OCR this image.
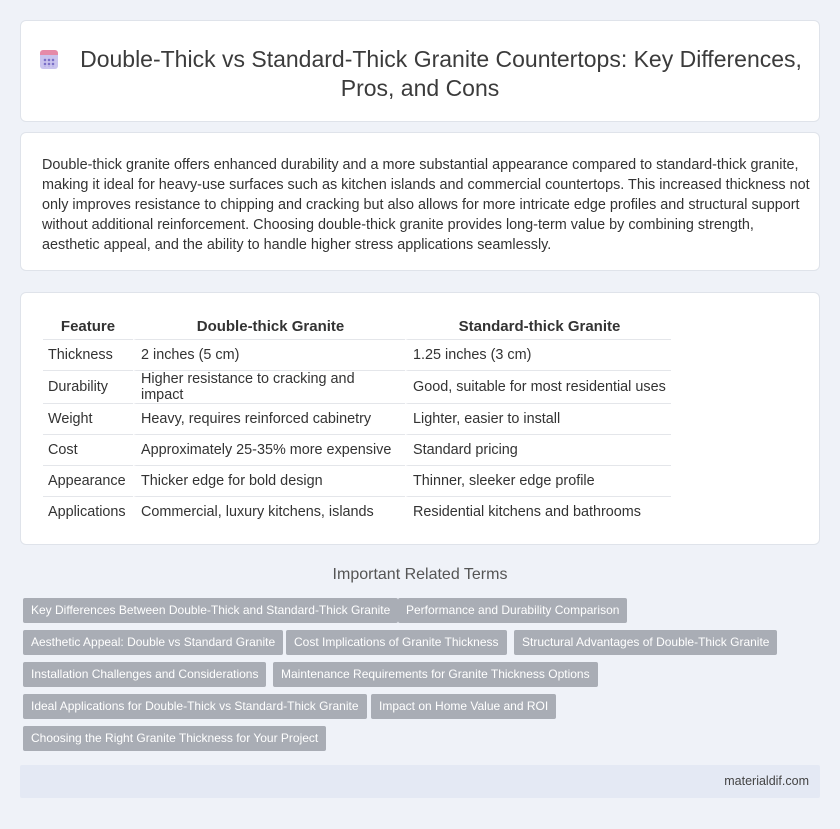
Double-Thick vs Standard-Thick Granite Countertops: Key Differences, Pros, and Cons

Double-thick granite offers enhanced durability and a more substantial appearance compared to standard-thick granite, making it ideal for heavy-use surfaces such as kitchen islands and commercial countertops. This increased thickness not only improves resistance to chipping and cracking but also allows for more intricate edge profiles and structural support without additional reinforcement. Choosing double-thick granite provides long-term value by combining strength, aesthetic appeal, and the ability to handle higher stress applications seamlessly.

Feature	Double-thick Granite	Standard-thick Granite
Thickness	2 inches (5 cm)	1.25 inches (3 cm)
Durability	Higher resistance to cracking and impact	Good, suitable for most residential uses
Weight	Heavy, requires reinforced cabinetry	Lighter, easier to install
Cost	Approximately 25-35% more expensive	Standard pricing
Appearance	Thicker edge for bold design	Thinner, sleeker edge profile
Applications	Commercial, luxury kitchens, islands	Residential kitchens and bathrooms
Important Related Terms
Key Differences Between Double-Thick and Standard-Thick Granite	Performance and Durability Comparison
Aesthetic Appeal: Double vs Standard Granite	Cost Implications of Granite Thickness	Structural Advantages of Double-Thick Granite
Installation Challenges and Considerations	Maintenance Requirements for Granite Thickness Options
Ideal Applications for Double-Thick vs Standard-Thick Granite	Impact on Home Value and ROI
Choosing the Right Granite Thickness for Your Project
materialdif.com
